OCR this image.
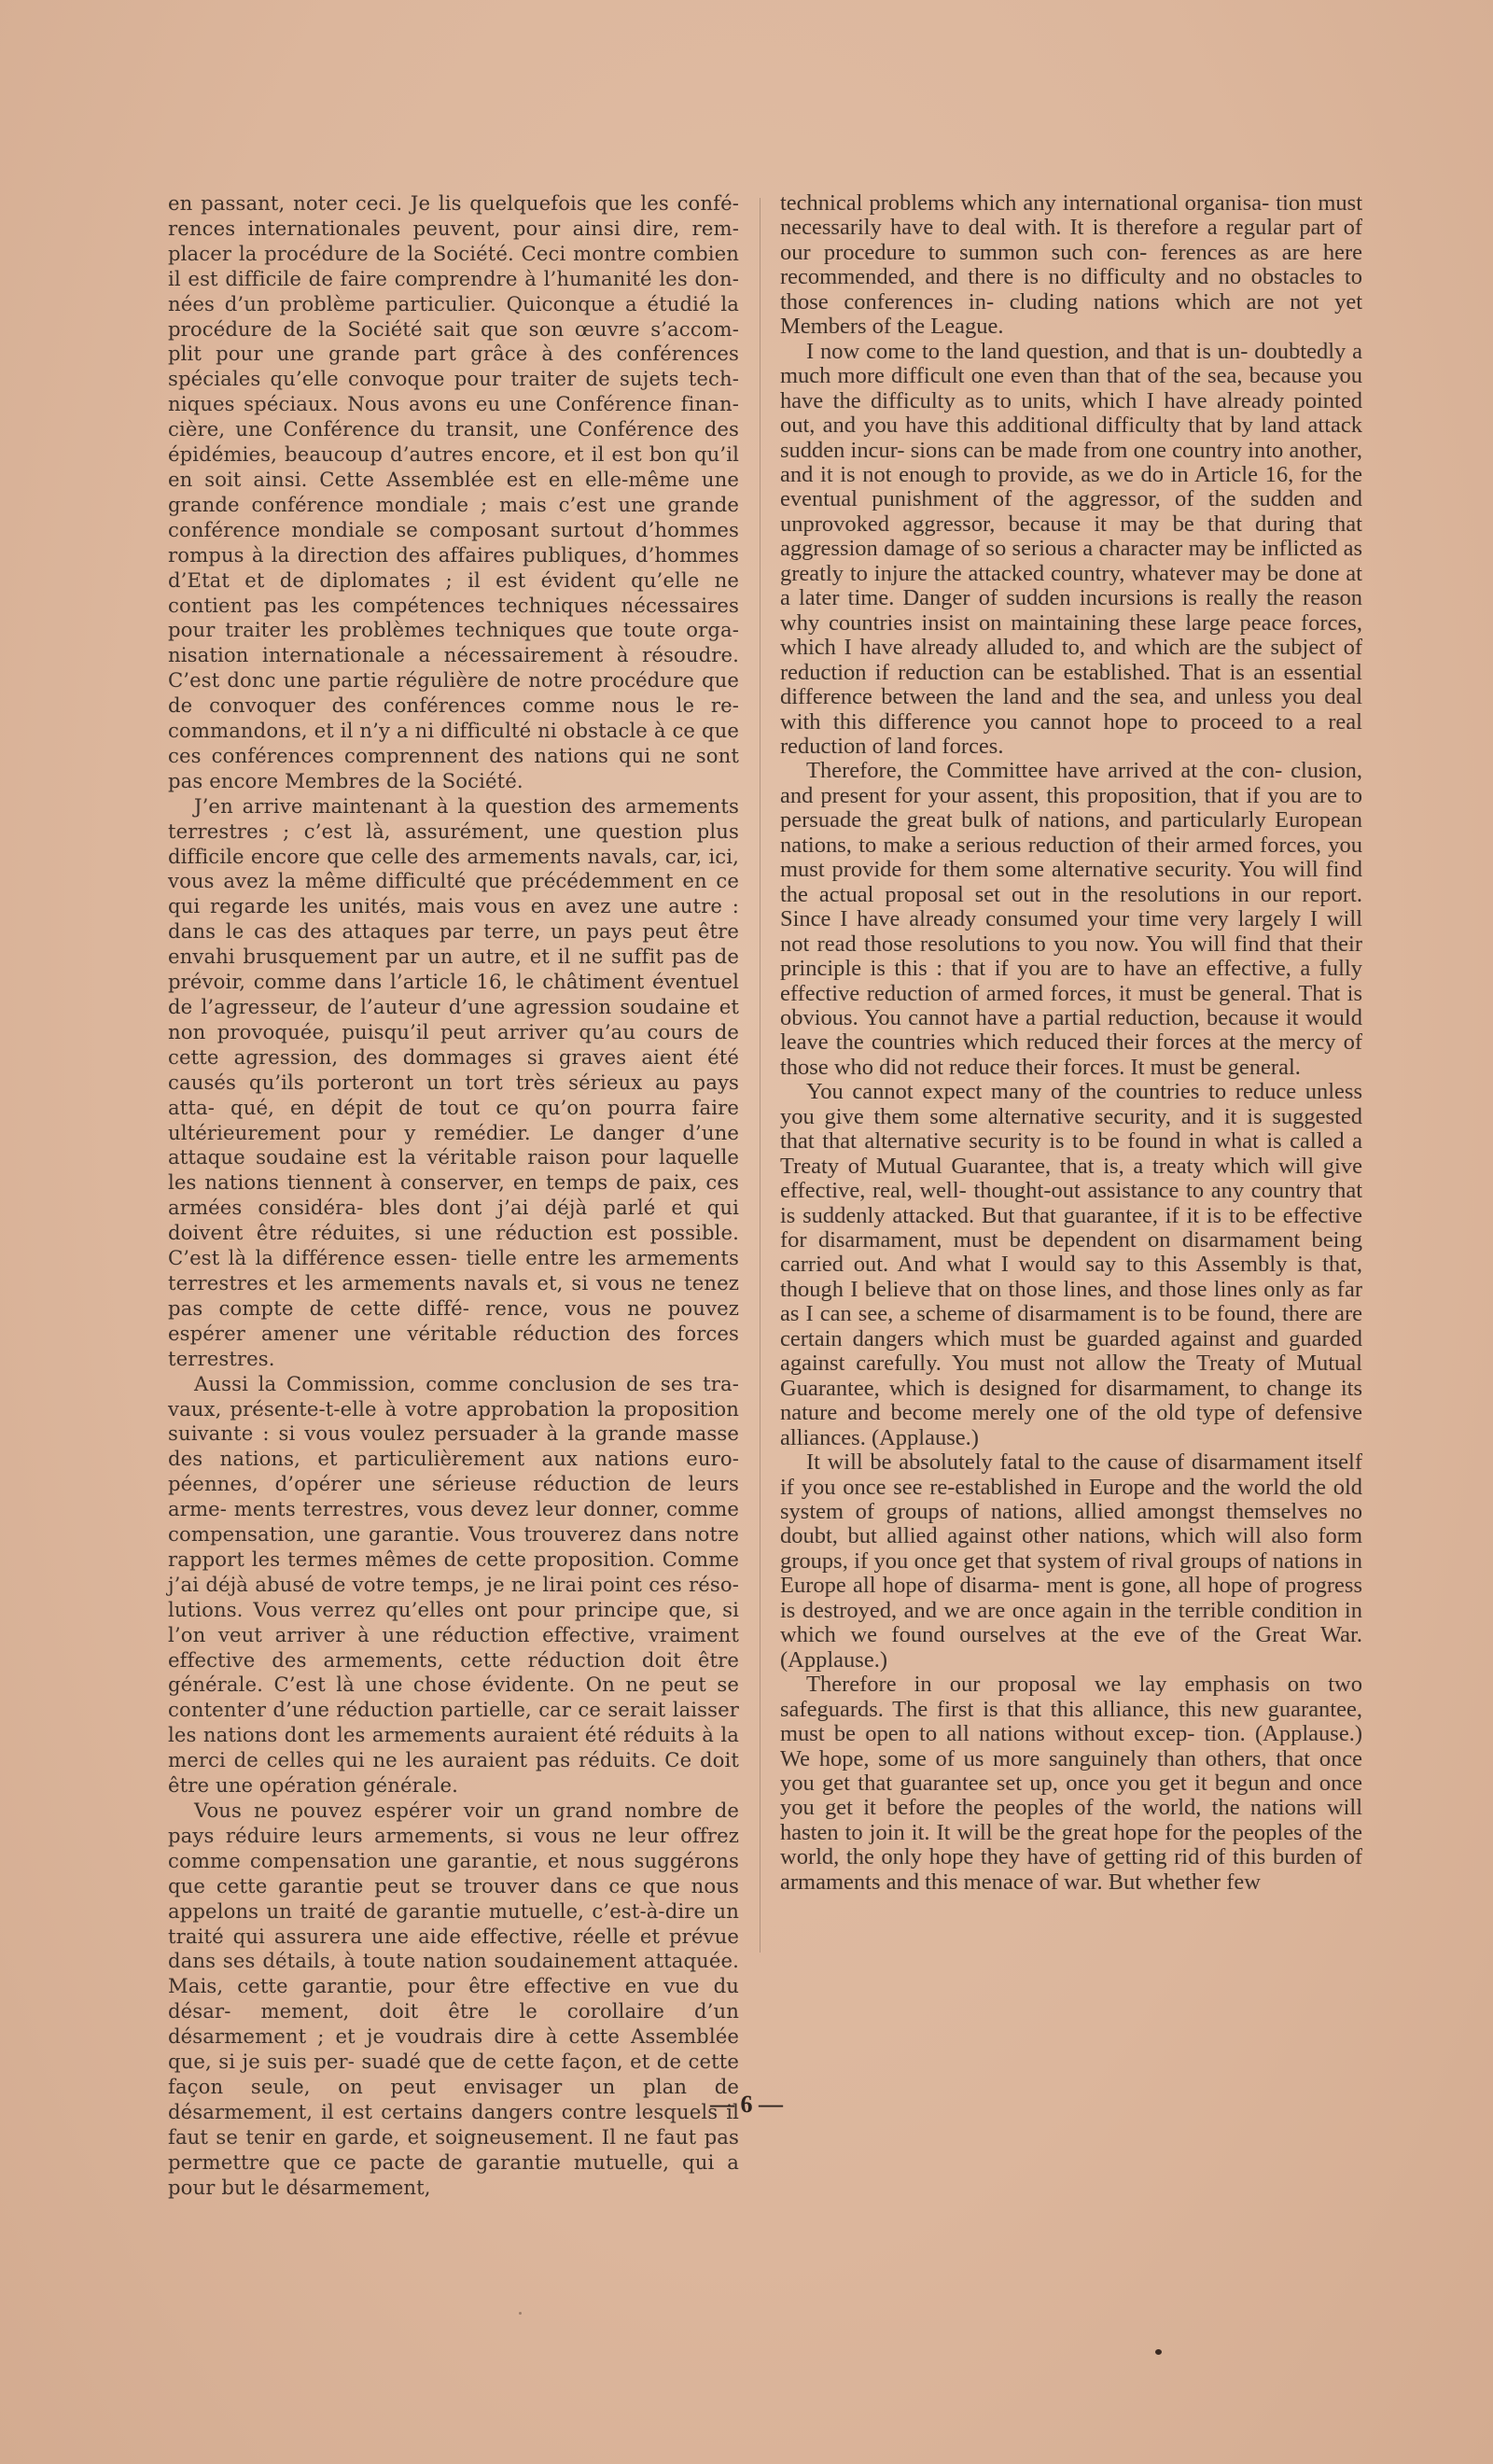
en passant, noter ceci. Je lis quelquefois que les confé- rences internationales peuvent, pour ainsi dire, rem- placer la procédure de la Société. Ceci montre combien il est difficile de faire comprendre à l’humanité les don- nées d’un problème particulier. Quiconque a étudié la procédure de la Société sait que son œuvre s’accom- plit pour une grande part grâce à des conférences spéciales qu’elle convoque pour traiter de sujets tech- niques spéciaux. Nous avons eu une Conférence finan- cière, une Conférence du transit, une Conférence des épidémies, beaucoup d’autres encore, et il est bon qu’il en soit ainsi. Cette Assemblée est en elle-même une grande conférence mondiale ; mais c’est une grande conférence mondiale se composant surtout d’hommes rompus à la direction des affaires publiques, d’hommes d’Etat et de diplomates ; il est évident qu’elle ne contient pas les compétences techniques nécessaires pour traiter les problèmes techniques que toute orga- nisation internationale a nécessairement à résoudre. C’est donc une partie régulière de notre procédure que de convoquer des conférences comme nous le re- commandons, et il n’y a ni difficulté ni obstacle à ce que ces conférences comprennent des nations qui ne sont pas encore Membres de la Société.

J’en arrive maintenant à la question des armements terrestres ; c’est là, assurément, une question plus difficile encore que celle des armements navals, car, ici, vous avez la même difficulté que précédemment en ce qui regarde les unités, mais vous en avez une autre : dans le cas des attaques par terre, un pays peut être envahi brusquement par un autre, et il ne suffit pas de prévoir, comme dans l’article 16, le châtiment éventuel de l’agresseur, de l’auteur d’une agression soudaine et non provoquée, puisqu’il peut arriver qu’au cours de cette agression, des dommages si graves aient été causés qu’ils porteront un tort très sérieux au pays atta- qué, en dépit de tout ce qu’on pourra faire ultérieurement pour y remédier. Le danger d’une attaque soudaine est la véritable raison pour laquelle les nations tiennent à conserver, en temps de paix, ces armées considéra- bles dont j’ai déjà parlé et qui doivent être réduites, si une réduction est possible. C’est là la différence essen- tielle entre les armements terrestres et les armements navals et, si vous ne tenez pas compte de cette diffé- rence, vous ne pouvez espérer amener une véritable réduction des forces terrestres.

Aussi la Commission, comme conclusion de ses tra- vaux, présente-t-elle à votre approbation la proposition suivante : si vous voulez persuader à la grande masse des nations, et particulièrement aux nations euro- péennes, d’opérer une sérieuse réduction de leurs arme- ments terrestres, vous devez leur donner, comme compensation, une garantie. Vous trouverez dans notre rapport les termes mêmes de cette proposition. Comme j’ai déjà abusé de votre temps, je ne lirai point ces réso- lutions. Vous verrez qu’elles ont pour principe que, si l’on veut arriver à une réduction effective, vraiment effective des armements, cette réduction doit être générale. C’est là une chose évidente. On ne peut se contenter d’une réduction partielle, car ce serait laisser les nations dont les armements auraient été réduits à la merci de celles qui ne les auraient pas réduits. Ce doit être une opération générale.

Vous ne pouvez espérer voir un grand nombre de pays réduire leurs armements, si vous ne leur offrez comme compensation une garantie, et nous suggérons que cette garantie peut se trouver dans ce que nous appelons un traité de garantie mutuelle, c’est-à-dire un traité qui assurera une aide effective, réelle et prévue dans ses détails, à toute nation soudainement attaquée. Mais, cette garantie, pour être effective en vue du désar- mement, doit être le corollaire d’un désarmement ; et je voudrais dire à cette Assemblée que, si je suis per- suadé que de cette façon, et de cette façon seule, on peut envisager un plan de désarmement, il est certains dangers contre lesquels il faut se tenir en garde, et soigneusement. Il ne faut pas permettre que ce pacte de garantie mutuelle, qui a pour but le désarmement,

technical problems which any international organisa- tion must necessarily have to deal with. It is therefore a regular part of our procedure to summon such con- ferences as are here recommended, and there is no difficulty and no obstacles to those conferences in- cluding nations which are not yet Members of the League.

I now come to the land question, and that is un- doubtedly a much more difficult one even than that of the sea, because you have the difficulty as to units, which I have already pointed out, and you have this additional difficulty that by land attack sudden incur- sions can be made from one country into another, and it is not enough to provide, as we do in Article 16, for the eventual punishment of the aggressor, of the sudden and unprovoked aggressor, because it may be that during that aggression damage of so serious a character may be inflicted as greatly to injure the attacked country, whatever may be done at a later time. Danger of sudden incursions is really the reason why countries insist on maintaining these large peace forces, which I have already alluded to, and which are the subject of reduction if reduction can be established. That is an essential difference between the land and the sea, and unless you deal with this difference you cannot hope to proceed to a real reduction of land forces.

Therefore, the Committee have arrived at the con- clusion, and present for your assent, this proposition, that if you are to persuade the great bulk of nations, and particularly European nations, to make a serious reduction of their armed forces, you must provide for them some alternative security. You will find the actual proposal set out in the resolutions in our report. Since I have already consumed your time very largely I will not read those resolutions to you now. You will find that their principle is this : that if you are to have an effective, a fully effective reduction of armed forces, it must be general. That is obvious. You cannot have a partial reduction, because it would leave the countries which reduced their forces at the mercy of those who did not reduce their forces. It must be general.

You cannot expect many of the countries to reduce unless you give them some alternative security, and it is suggested that that alternative security is to be found in what is called a Treaty of Mutual Guarantee, that is, a treaty which will give effective, real, well- thought-out assistance to any country that is suddenly attacked. But that guarantee, if it is to be effective for disarmament, must be dependent on disarmament being carried out. And what I would say to this Assembly is that, though I believe that on those lines, and those lines only as far as I can see, a scheme of disarmament is to be found, there are certain dangers which must be guarded against and guarded against carefully. You must not allow the Treaty of Mutual Guarantee, which is designed for disarmament, to change its nature and become merely one of the old type of defensive alliances. (Applause.)

It will be absolutely fatal to the cause of disarmament itself if you once see re-established in Europe and the world the old system of groups of nations, allied amongst themselves no doubt, but allied against other nations, which will also form groups, if you once get that system of rival groups of nations in Europe all hope of disarma- ment is gone, all hope of progress is destroyed, and we are once again in the terrible condition in which we found ourselves at the eve of the Great War. (Applause.)

Therefore in our proposal we lay emphasis on two safeguards. The first is that this alliance, this new guarantee, must be open to all nations without excep- tion. (Applause.) We hope, some of us more sanguinely than others, that once you get that guarantee set up, once you get it begun and once you get it before the peoples of the world, the nations will hasten to join it. It will be the great hope for the peoples of the world, the only hope they have of getting rid of this burden of armaments and this menace of war. But whether few

— 6 —
